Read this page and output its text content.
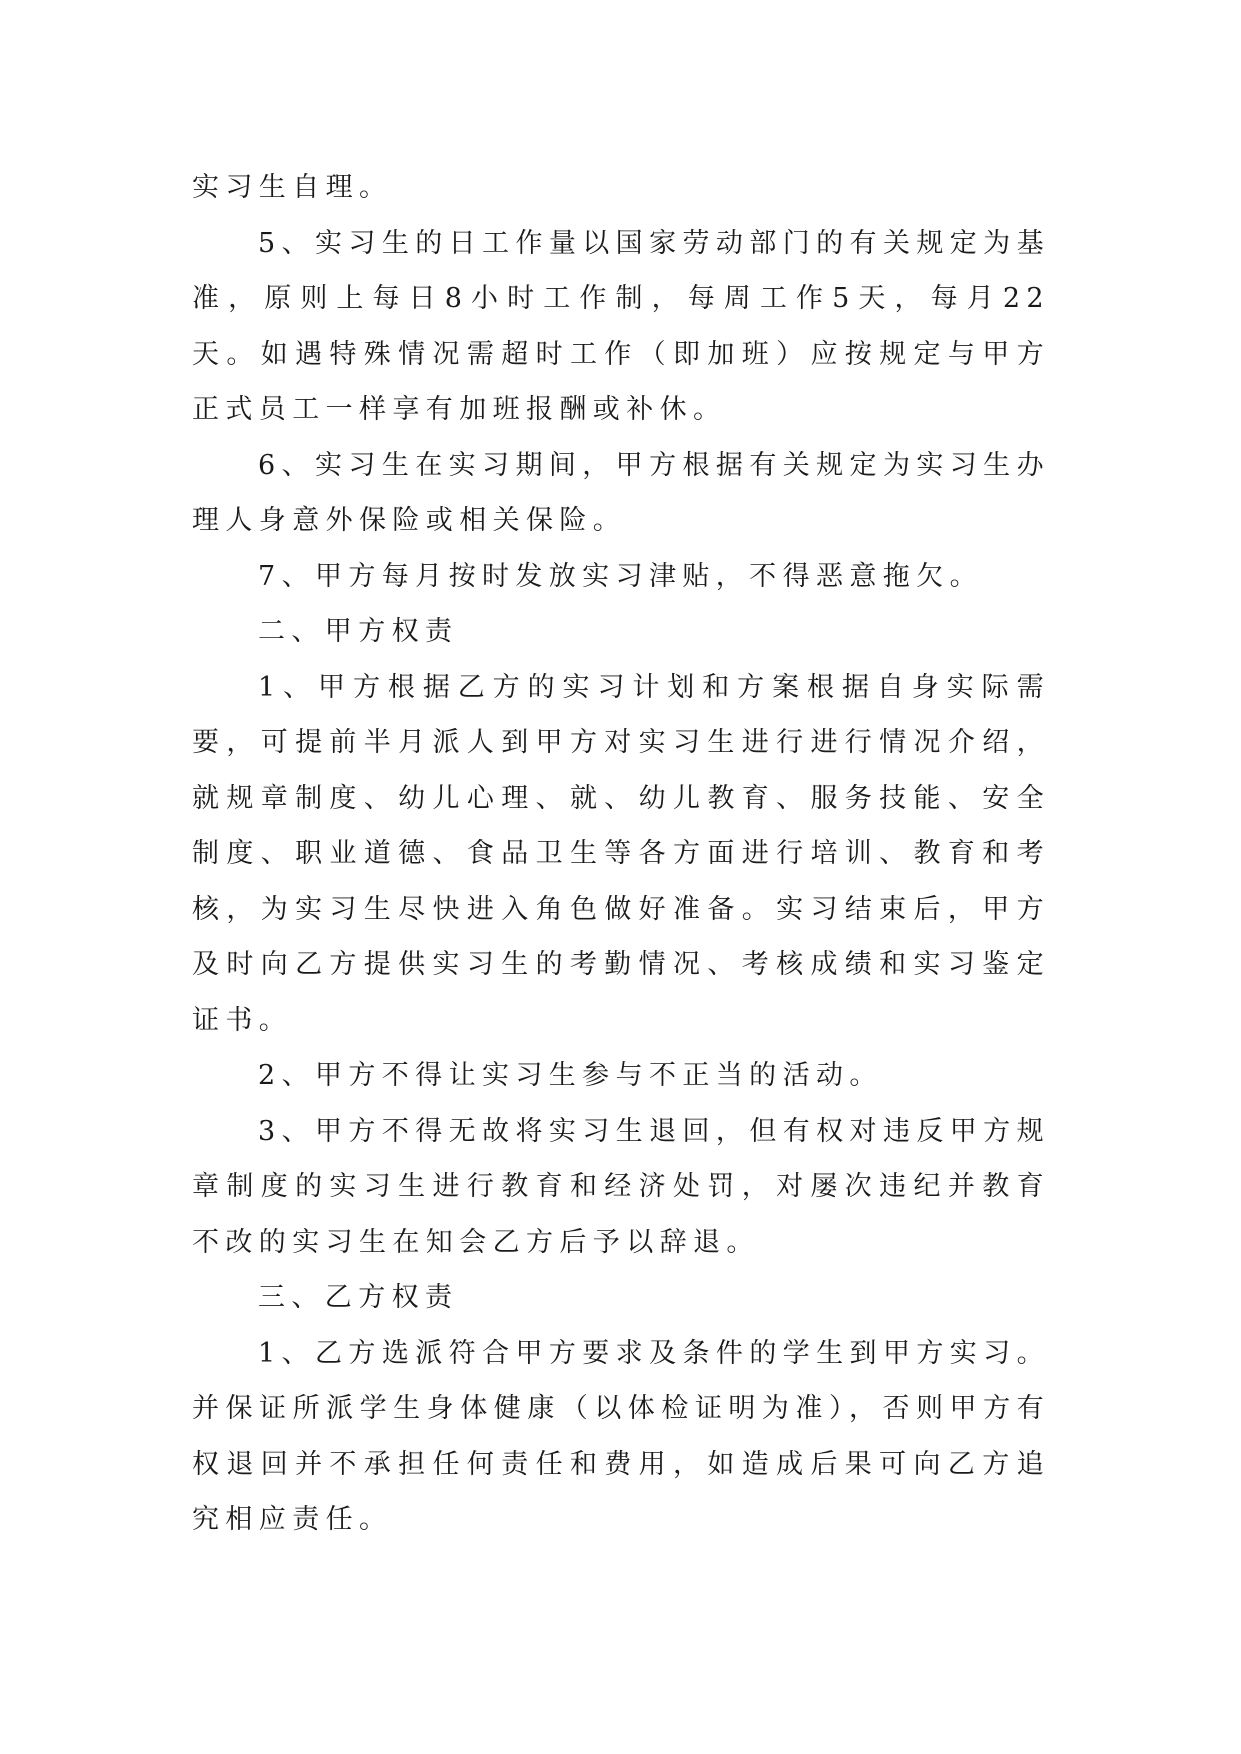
实习生自理。

5、实习生的日工作量以国家劳动部门的有关规定为基准，原则上每日8小时工作制，每周工作5天，每月22天。如遇特殊情况需超时工作（即加班）应按规定与甲方正式员工一样享有加班报酬或补休。

6、实习生在实习期间，甲方根据有关规定为实习生办理人身意外保险或相关保险。

7、甲方每月按时发放实习津贴，不得恶意拖欠。

二、甲方权责

1、甲方根据乙方的实习计划和方案根据自身实际需要，可提前半月派人到甲方对实习生进行进行情况介绍，就规章制度、幼儿心理、就、幼儿教育、服务技能、安全制度、职业道德、食品卫生等各方面进行培训、教育和考核，为实习生尽快进入角色做好准备。实习结束后，甲方及时向乙方提供实习生的考勤情况、考核成绩和实习鉴定证书。

2、甲方不得让实习生参与不正当的活动。

3、甲方不得无故将实习生退回，但有权对违反甲方规章制度的实习生进行教育和经济处罚，对屡次违纪并教育不改的实习生在知会乙方后予以辞退。

三、乙方权责

1、乙方选派符合甲方要求及条件的学生到甲方实习。并保证所派学生身体健康（以体检证明为准），否则甲方有权退回并不承担任何责任和费用，如造成后果可向乙方追究相应责任。
